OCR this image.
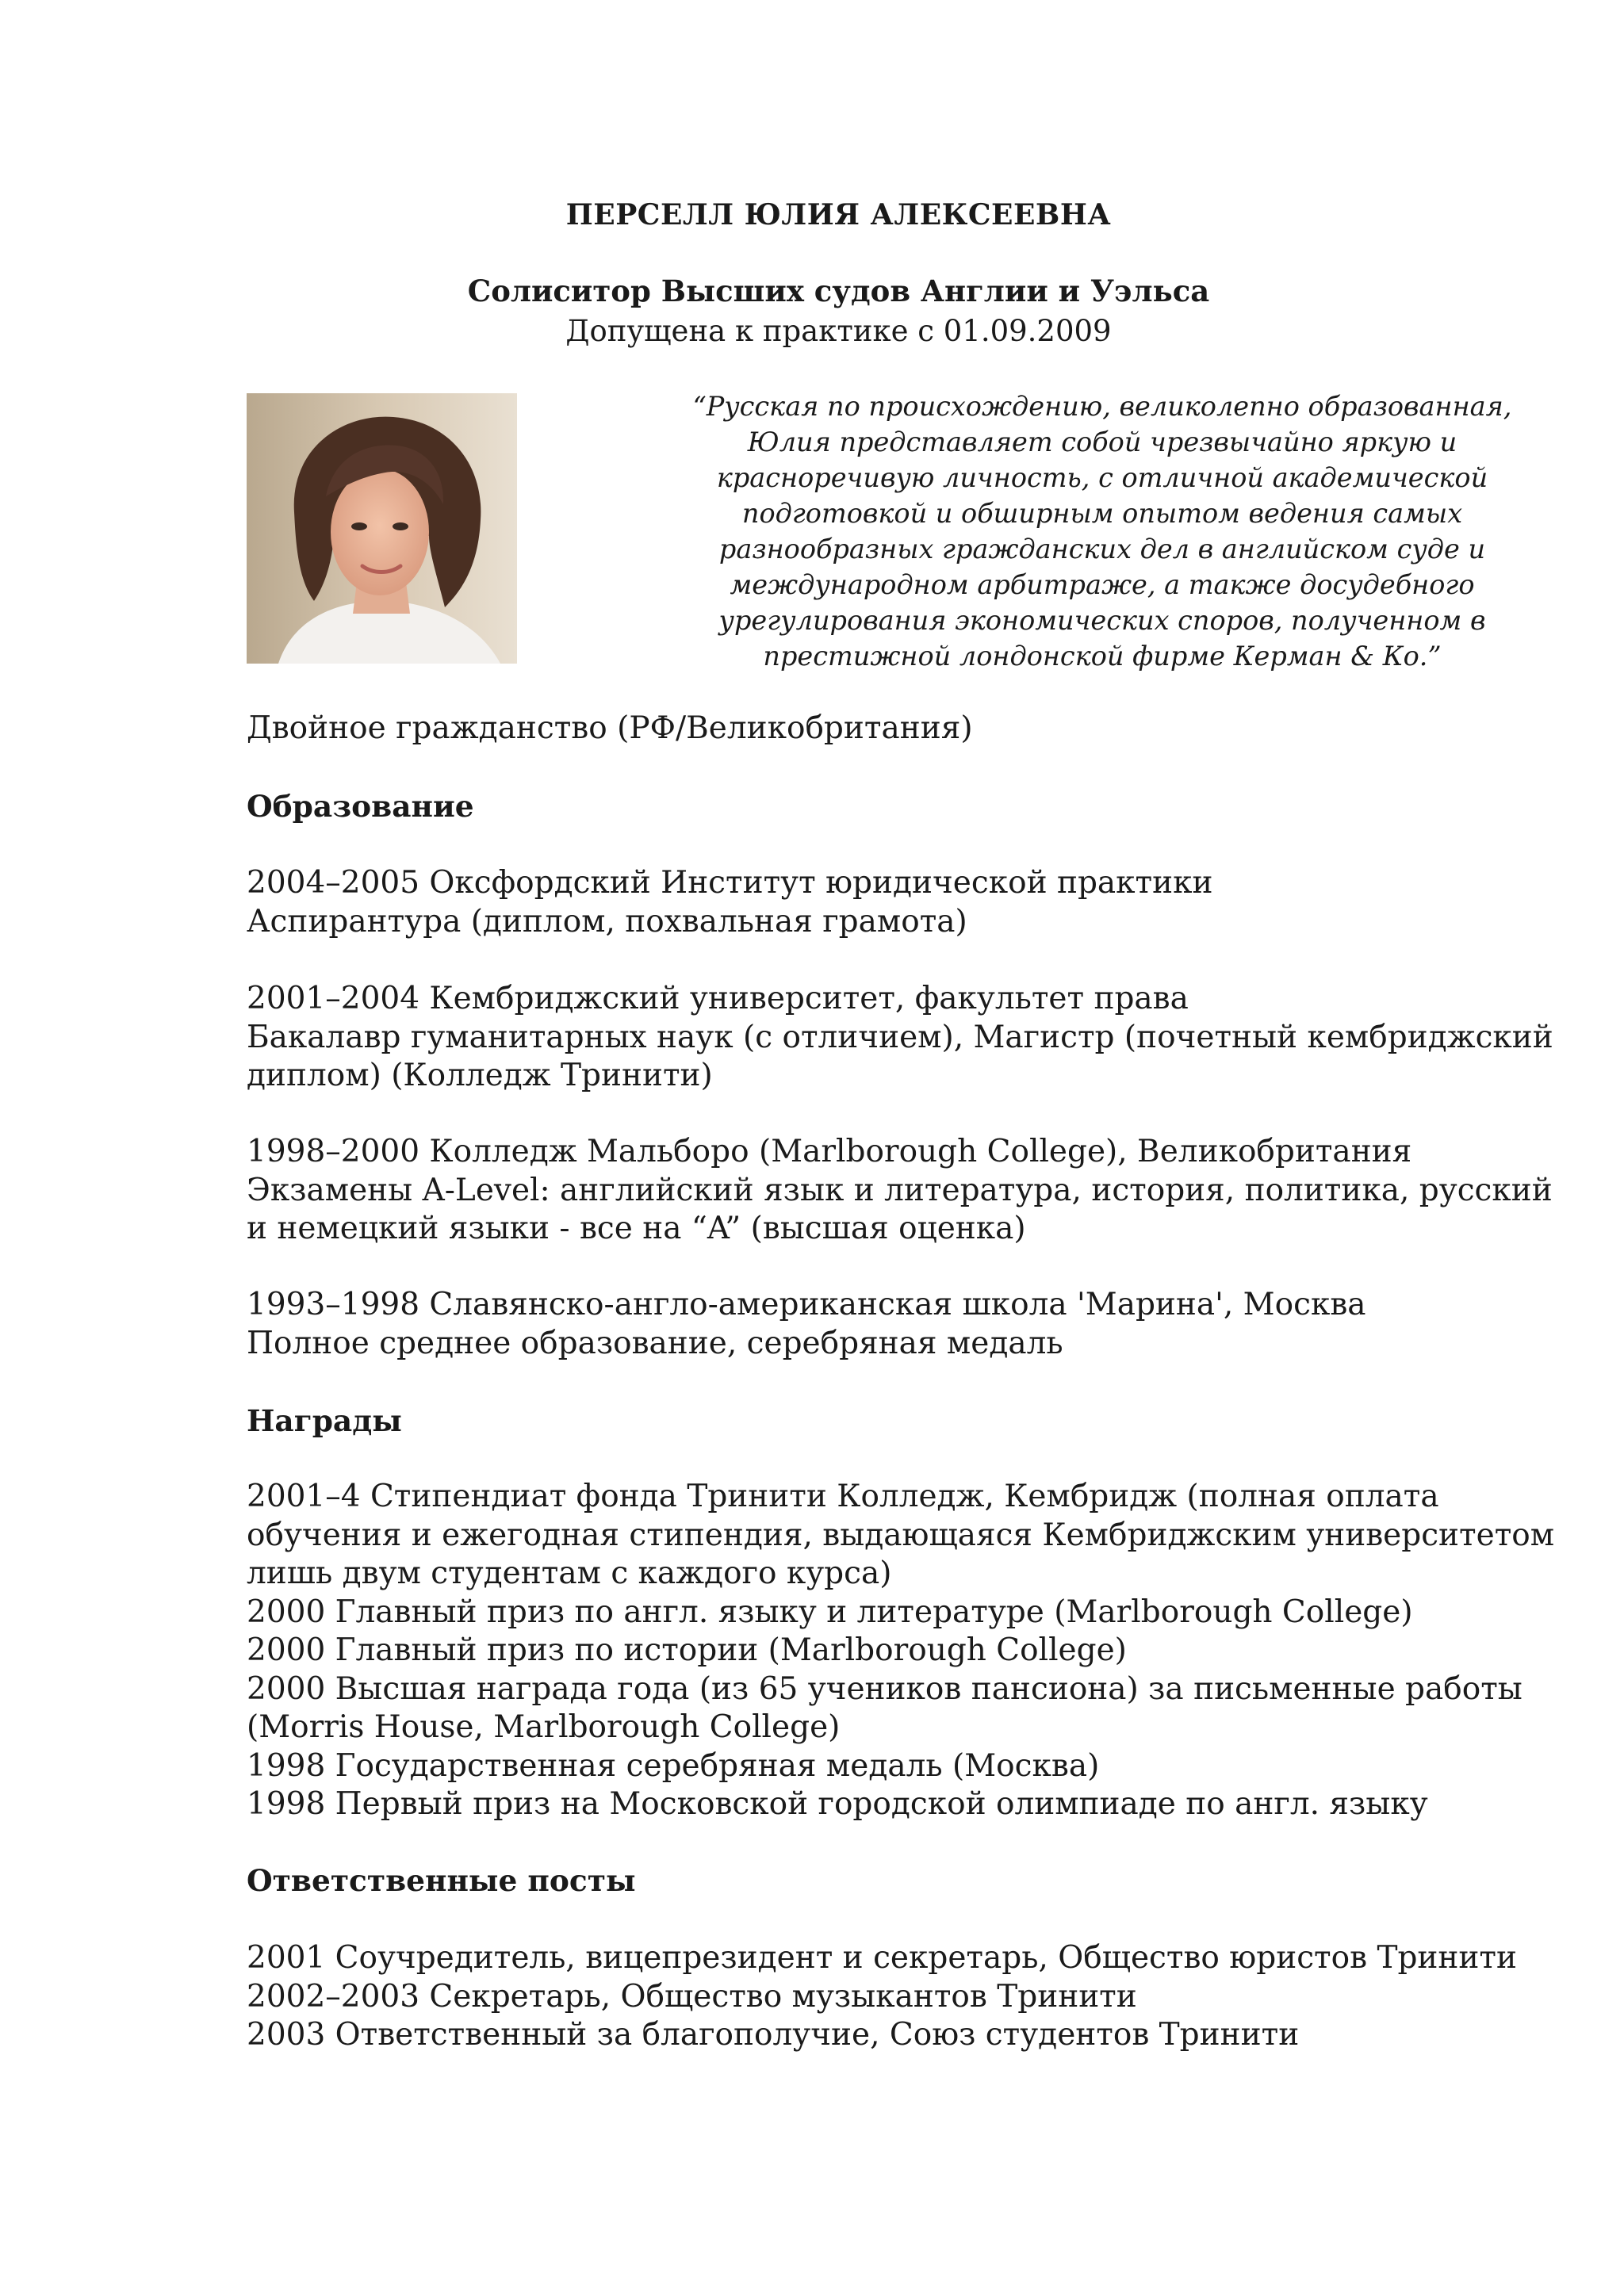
ПЕРСЕЛЛ ЮЛИЯ АЛЕКСЕЕВНА
Солиситор Высших судов Англии и Уэльса
Допущена к практике с 01.09.2009
“Русская по происхождению, великолепно образованная,
Юлия представляет собой чрезвычайно яркую и
красноречивую личность, с отличной академической
подготовкой и обширным опытом ведения самых
разнообразных гражданских дел в английском суде и
международном арбитраже, а также досудебного
урегулирования экономических споров, полученном в
престижной лондонской фирме Керман & Ко.”
Двойное гражданство (РФ/Великобритания)
Образование
2004–2005 Оксфордский Институт юридической практики
Аспирантура (диплом, похвальная грамота)
2001–2004 Кембриджский университет, факультет права
Бакалавр гуманитарных наук (с отличием), Магистр (почетный кембриджский
диплом) (Колледж Тринити)
1998–2000 Колледж Мальборо (Marlborough College), Великобритания
Экзамены A-Level: английский язык и литература, история, политика, русский
и немецкий языки - все на “A” (высшая оценка)
1993–1998 Славянско-англо-американская школа 'Марина', Москва
Полное среднее образование, серебряная медаль
Награды
2001–4 Стипендиат фонда Тринити Колледж, Кембридж (полная оплата
обучения и ежегодная стипендия, выдающаяся Кембриджским университетом
лишь двум студентам с каждого курса)
2000 Главный приз по англ. языку и литературе (Marlborough College)
2000 Главный приз по истории (Marlborough College)
2000 Высшая награда года (из 65 учеников пансиона) за письменные работы
(Morris House, Marlborough College)
1998 Государственная серебряная медаль (Москва)
1998 Первый приз на Московской городской олимпиаде по англ. языку
Ответственные посты
2001 Соучредитель, вицепрезидент и секретарь, Общество юристов Тринити
2002–2003 Секретарь, Общество музыкантов Тринити
2003 Ответственный за благополучие, Союз студентов Тринити
